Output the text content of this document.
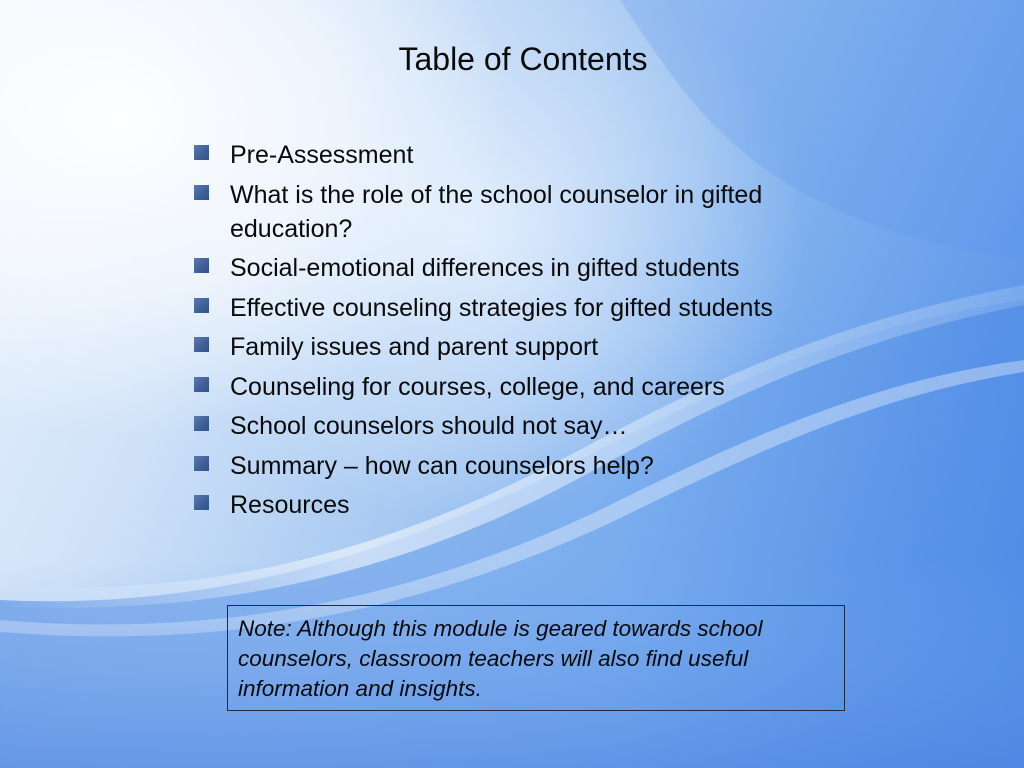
Table of Contents
Pre-Assessment
What is the role of the school counselor in gifted education?
Social-emotional differences in gifted students
Effective counseling strategies for gifted students
Family issues and parent support
Counseling for courses, college, and careers
School counselors should not say…
Summary – how can counselors help?
Resources
Note: Although this module is geared towards school counselors, classroom teachers will also find useful information and insights.
